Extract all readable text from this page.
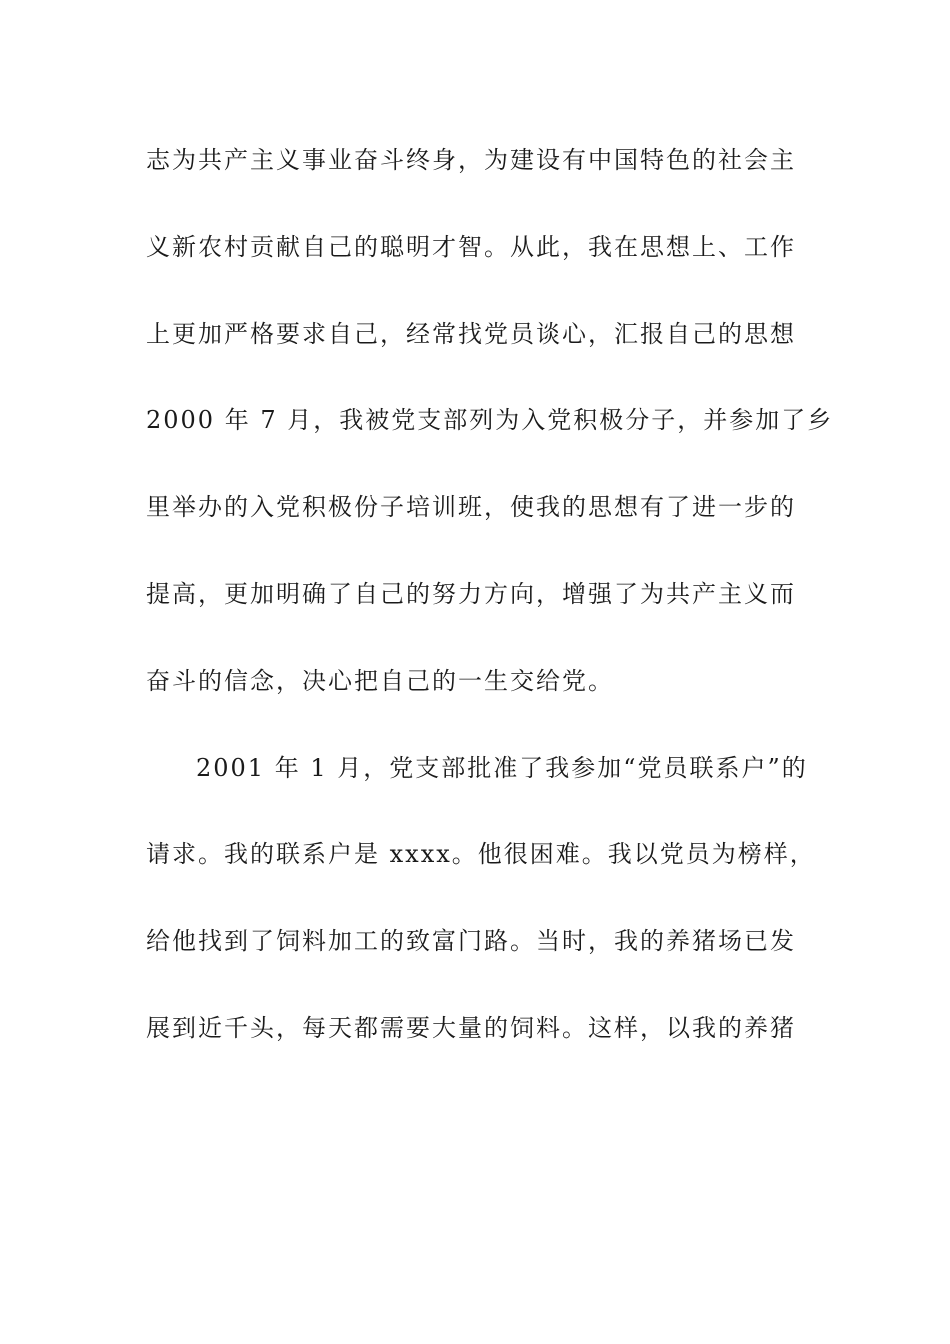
志为共产主义事业奋斗终身，为建设有中国特色的社会主
义新农村贡献自己的聪明才智。从此，我在思想上、工作
上更加严格要求自己，经常找党员谈心，汇报自己的思想
2000 年 7 月，我被党支部列为入党积极分子，并参加了乡
里举办的入党积极份子培训班，使我的思想有了进一步的
提高，更加明确了自己的努力方向，增强了为共产主义而
奋斗的信念，决心把自己的一生交给党。
2001 年 1 月，党支部批准了我参加“党员联系户”的
请求。我的联系户是 xxxx。他很困难。我以党员为榜样，
给他找到了饲料加工的致富门路。当时，我的养猪场已发
展到近千头，每天都需要大量的饲料。这样，以我的养猪
